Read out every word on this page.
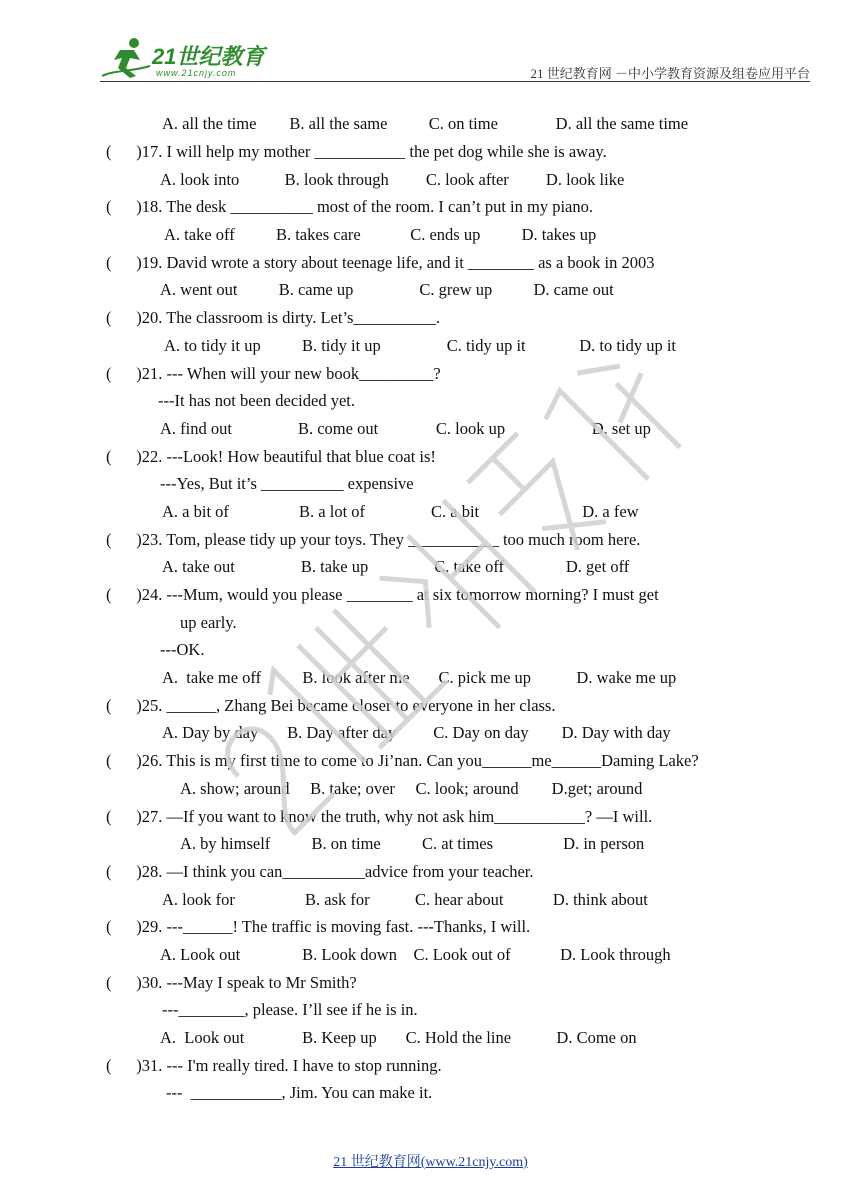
21世纪教育
www.21cnjy.com	21 世纪教育网 －中小学教育资源及组卷应用平台
A. all the time        B. all the same          C. on time              D. all the same time
(      )17. I will help my mother ___________ the pet dog while she is away.
A. look into           B. look through         C. look after         D. look like
(      )18. The desk __________ most of the room. I can’t put in my piano.
A. take off          B. takes care            C. ends up          D. takes up
(      )19. David wrote a story about teenage life, and it ________ as a book in 2003
A. went out          B. came up                C. grew up          D. came out
(      )20. The classroom is dirty. Let’s__________.
A. to tidy it up          B. tidy it up                C. tidy up it             D. to tidy up it
(      )21. --- When will your new book_________?
---It has not been decided yet.
A. find out                B. come out              C. look up                     D. set up
(      )22. ---Look! How beautiful that blue coat is!
---Yes, But it’s __________ expensive
A. a bit of                 B. a lot of                C. a bit                         D. a few
(      )23. Tom, please tidy up your toys. They ___________ too much room here.
A. take out                B. take up                C. take off               D. get off
(      )24. ---Mum, would you please ________ at six tomorrow morning? I must get
up early.
---OK.
A.  take me off          B. look after me       C. pick me up           D. wake me up
(      )25. ______, Zhang Bei became closer to everyone in her class.
A. Day by day       B. Day after day         C. Day on day        D. Day with day
(      )26. This is my first time to come to Ji’nan. Can you______me______Daming Lake?
A. show; around     B. take; over     C. look; around        D.get; around
(      )27. —If you want to know the truth, why not ask him___________? —I will.
A. by himself          B. on time          C. at times                 D. in person
(      )28. —I think you can__________advice from your teacher.
A. look for                 B. ask for           C. hear about            D. think about
(      )29. ---______! The traffic is moving fast. ---Thanks, I will.
A. Look out               B. Look down    C. Look out of            D. Look through
(      )30. ---May I speak to Mr Smith?
---________, please. I’ll see if he is in.
A.  Look out              B. Keep up       C. Hold the line           D. Come on
(      )31. --- I'm really tired. I have to stop running.
---  ___________, Jim. You can make it.
21 世纪教育网(www.21cnjy.com)
